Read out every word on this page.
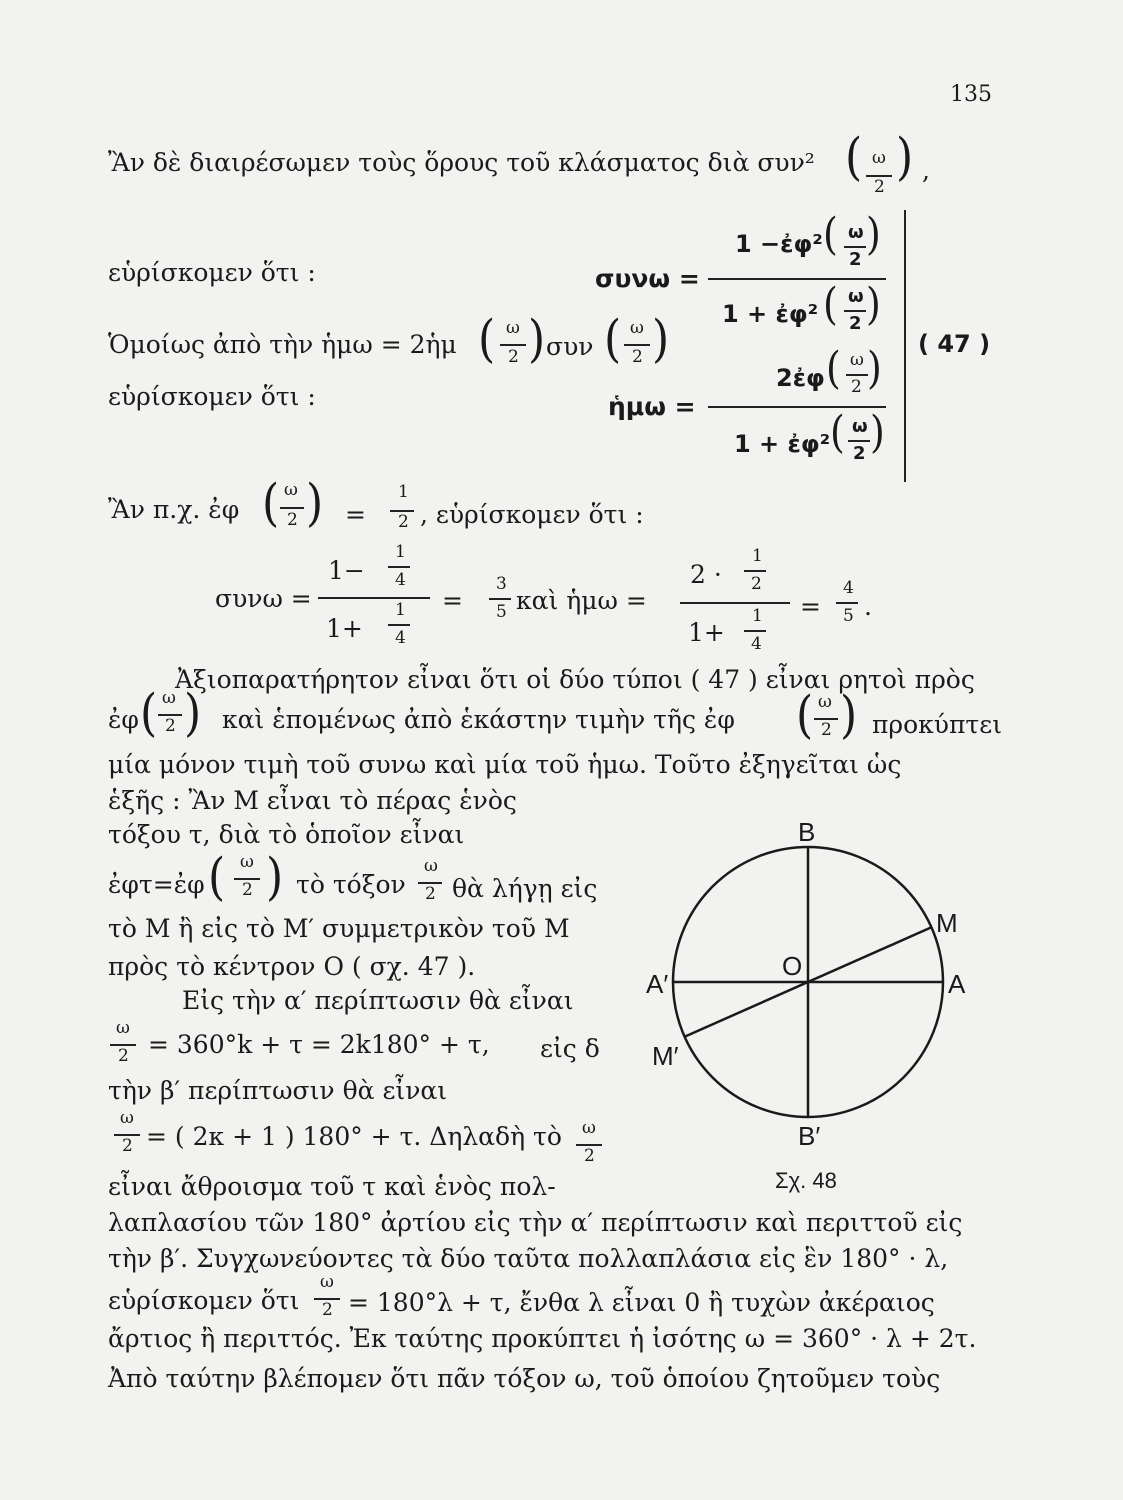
135
Ἂν δὲ διαιρέσωμεν τοὺς ὅρους τοῦ κλάσματος διὰ συν² ( ω
2
) ,
εὑρίσκομεν ὅτι :	συνω =
1 −ἐφ² ( ω
2
)
1 + ἐφ² ( ω
2 )
Ὁμοίως ἀπὸ τὴν ἡμω = 2ἡμ ( ω
2 ) συν ( ω
2 )
2ἐφ ( ω
2 )
εὑρίσκομεν ὅτι :	ἡμω =
1 + ἐφ² ( ω
2 )
( 47 )
Ἂν π.χ. ἐφ ( ω
2 ) =
1
2 , εὑρίσκομεν ὅτι :
συνω =
1−
1
4
1+
1
4
=
3
5 καὶ ἡμω =
2 ·
1
2
1+
1
4
=
4
5 .
Ἀξιοπαρατήρητον εἶναι ὅτι οἱ δύο τύποι ( 47 ) εἶναι ρητοὶ πρὸς
ἐφ ( ω
2 ) καὶ ἑπομένως ἀπὸ ἑκάστην τιμὴν τῆς ἐφ ( ω
2 ) προκύπτει
μία μόνον τιμὴ τοῦ συνω καὶ μία τοῦ ἡμω. Τοῦτο ἐξηγεῖται ὡς
ἑξῆς : Ἂν M εἶναι τὸ πέρας ἑνὸς
τόξου τ, διὰ τὸ ὁποῖον εἶναι
ἐφτ=ἐφ ( ω
2 ) τὸ τόξον
ω
2 θὰ λήγῃ εἰς
τὸ M ἢ εἰς τὸ M′ συμμετρικὸν τοῦ M
πρὸς τὸ κέντρον O ( σχ. 47 ).
Εἰς τὴν α′ περίπτωσιν θὰ εἶναι
ω
2 = 360°k + τ = 2k180° + τ, εἰς δ
τὴν β′ περίπτωσιν θὰ εἶναι
ω
2 = ( 2κ + 1 ) 180° + τ. Δηλαδὴ τὸ ω
2
εἶναι ἄθροισμα τοῦ τ καὶ ἑνὸς πολ-
λαπλασίου τῶν 180° ἀρτίου εἰς τὴν α′ περίπτωσιν καὶ περιττοῦ εἰς
τὴν β′. Συγχωνεύοντες τὰ δύο ταῦτα πολλαπλάσια εἰς ἓν 180° · λ,
εὑρίσκομεν ὅτι
ω
2 = 180°λ + τ, ἔνθα λ εἶναι 0 ἢ τυχὼν ἀκέραιος
ἄρτιος ἢ περιττός. Ἐκ ταύτης προκύπτει ἡ ἰσότης ω = 360° · λ + 2τ.
Ἀπὸ ταύτην βλέπομεν ὅτι πᾶν τόξον ω, τοῦ ὁποίου ζητοῦμεν τοὺς
B
B′
M
M′
A
A′
O
Σχ. 48
